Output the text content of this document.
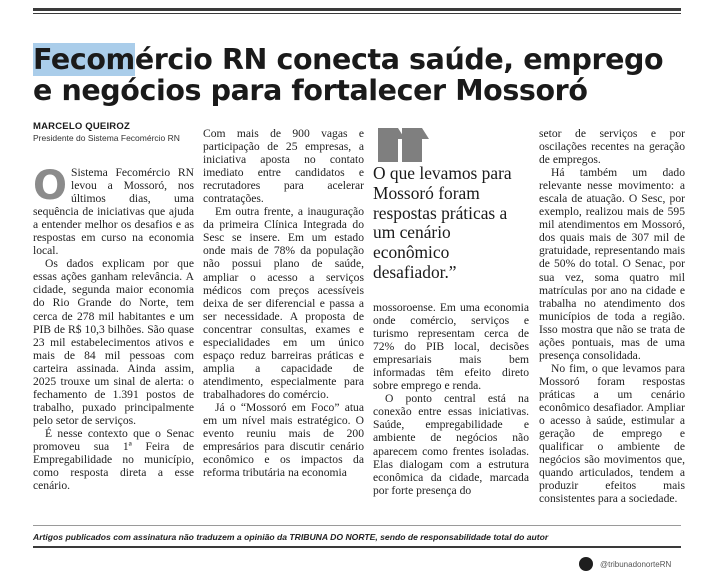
Fecomércio RN conecta saúde, emprego e negócios para fortalecer Mossoró
MARCELO QUEIROZ
Presidente do Sistema Fecomércio RN

O Sistema Fecomércio RN levou a Mossoró, nos últimos dias, uma sequência de iniciativas que ajuda a entender melhor os desafios e as respostas em curso na economia local.

Os dados explicam por que essas ações ganham relevância. A cidade, segunda maior economia do Rio Grande do Norte, tem cerca de 278 mil habitantes e um PIB de R$ 10,3 bilhões. São quase 23 mil estabelecimentos ativos e mais de 84 mil pessoas com carteira assinada. Ainda assim, 2025 trouxe um sinal de alerta: o fechamento de 1.391 postos de trabalho, puxado principalmente pelo setor de serviços.

É nesse contexto que o Senac promoveu sua 1ª Feira de Empregabilidade no município, como resposta direta a esse cenário.

Com mais de 900 vagas e participação de 25 empresas, a iniciativa aposta no contato imediato entre candidatos e recrutadores para acelerar contratações.

Em outra frente, a inauguração da primeira Clínica Integrada do Sesc se insere. Em um estado onde mais de 78% da população não possui plano de saúde, ampliar o acesso a serviços médicos com preços acessíveis deixa de ser diferencial e passa a ser necessidade. A proposta de concentrar consultas, exames e especialidades em um único espaço reduz barreiras práticas e amplia a capacidade de atendimento, especialmente para trabalhadores do comércio.

Já o “Mossoró em Foco” atua em um nível mais estratégico. O evento reuniu mais de 200 empresários para discutir cenário econômico e os impactos da reforma tributária na economia

O que levamos para Mossoró foram respostas práticas a um cenário econômico desafiador.”

mossoroense. Em uma economia onde comércio, serviços e turismo representam cerca de 72% do PIB local, decisões empresariais mais bem informadas têm efeito direto sobre emprego e renda.

O ponto central está na conexão entre essas iniciativas. Saúde, empregabilidade e ambiente de negócios não aparecem como frentes isoladas. Elas dialogam com a estrutura econômica da cidade, marcada por forte presença do

setor de serviços e por oscilações recentes na geração de empregos.

Há também um dado relevante nesse movimento: a escala de atuação. O Sesc, por exemplo, realizou mais de 595 mil atendimentos em Mossoró, dos quais mais de 307 mil de gratuidade, representando mais de 50% do total. O Senac, por sua vez, soma quatro mil matrículas por ano na cidade e trabalha no atendimento dos municípios de toda a região. Isso mostra que não se trata de ações pontuais, mas de uma presença consolidada.

No fim, o que levamos para Mossoró foram respostas práticas a um cenário econômico desafiador. Ampliar o acesso à saúde, estimular a geração de emprego e qualificar o ambiente de negócios são movimentos que, quando articulados, tendem a produzir efeitos mais consistentes para a sociedade.

Artigos publicados com assinatura não traduzem a opinião da TRIBUNA DO NORTE, sendo de responsabilidade total do autor
@tribunadonorteRN
